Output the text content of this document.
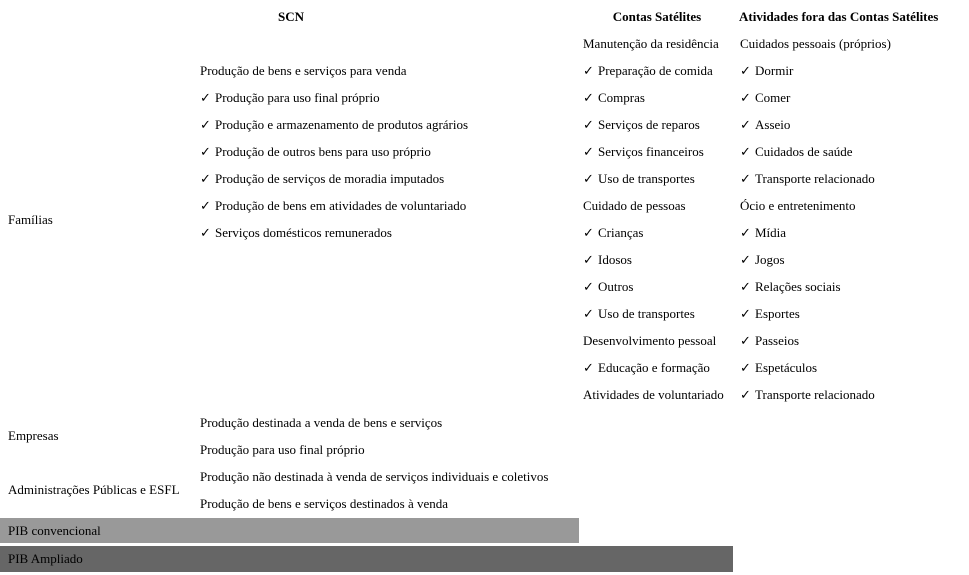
SCN	Contas Satélites	Atividades fora das Contas Satélites
Famílias
Empresas
Administrações Públicas e ESFL
Produção de bens e serviços para venda
✓ Produção para uso final próprio
✓ Produção e armazenamento de produtos agrários
✓ Produção de outros bens para uso próprio
✓ Produção de serviços de moradia imputados
✓ Produção de bens em atividades de voluntariado
✓ Serviços domésticos remunerados
Produção destinada a venda de bens e serviços
Produção para uso final próprio
Produção não destinada à venda de serviços individuais e coletivos
Produção de bens e serviços destinados à venda
Manutenção da residência
✓ Preparação de comida
✓ Compras
✓ Serviços de reparos
✓ Serviços financeiros
✓ Uso de transportes
Cuidado de pessoas
✓ Crianças
✓ Idosos
✓ Outros
✓ Uso de transportes
Desenvolvimento pessoal
✓ Educação e formação
Atividades de voluntariado
Cuidados pessoais (próprios)
✓ Dormir
✓ Comer
✓ Asseio
✓ Cuidados de saúde
✓ Transporte relacionado
Ócio e entretenimento
✓ Mídia
✓ Jogos
✓ Relações sociais
✓ Esportes
✓ Passeios
✓ Espetáculos
✓ Transporte relacionado
PIB convencional
PIB Ampliado
